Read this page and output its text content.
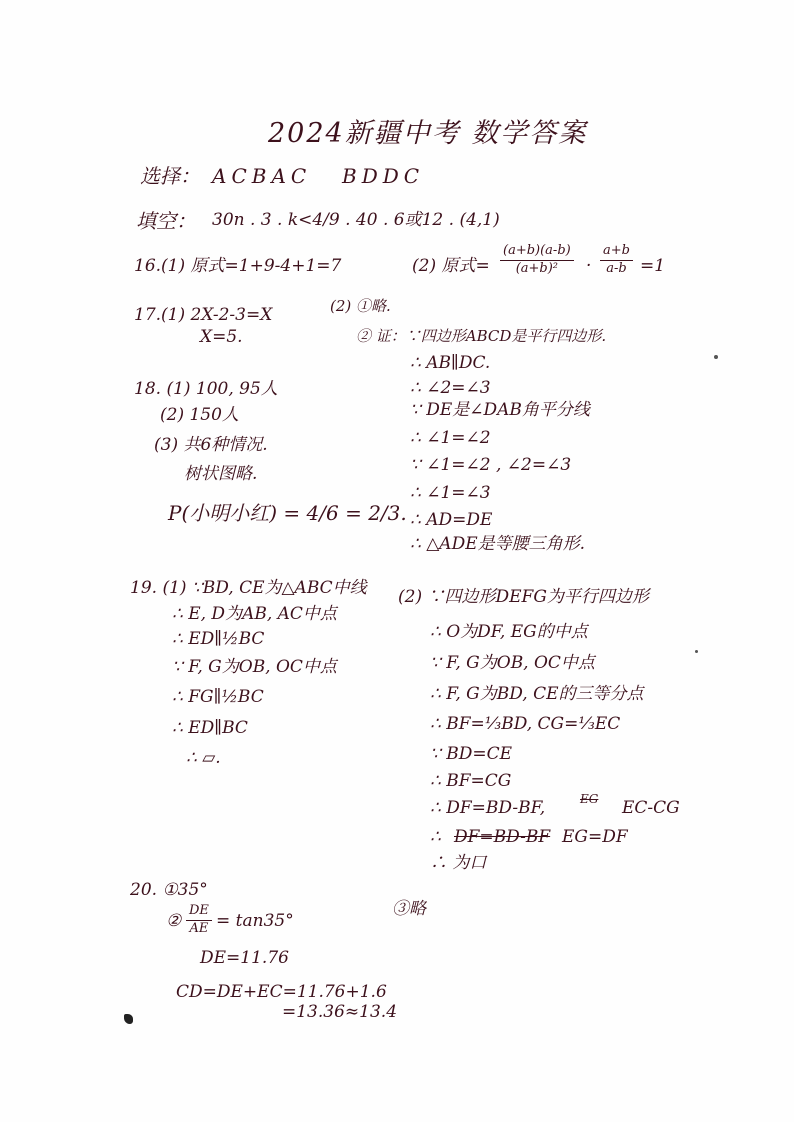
2024新疆中考 数学答案
选择： ACBAC BDDC
填空： 30n . 3 . k<4/9 . 40 . 6或12 . (4,1)
16.(1) 原式=1+9-4+1=7	(2) 原式= $\frac{(a+b)(a-b)}{\text{(a+b)²}} \cdot \frac{a+b}{a-b} =1$
17.(1) 2X-2-3=X
X=5.
(2) ①略.
② 证：∵四边形ABCD是平行四边形.
∴ AB∥DC.
∴ ∠2=∠3
∵ DE是∠DAB角平分线
∴ ∠1=∠2
∵ ∠1=∠2 , ∠2=∠3
∴ ∠1=∠3
∴ AD=DE
∴ △ADE是等腰三角形.
18. (1) 100, 95人
(2) 150人
(3) 共6种情况.
树状图略.
P(小明小红) = 4/6 = 2/3.
19. (1) ∵BD, CE为△ABC中线
∴ E, D为AB, AC中点
∴ ED∥½BC
∵ F, G为OB, OC中点
∴ FG∥½BC
∴ ED∥BC
∴ ▱.
(2) ∵四边形DEFG为平行四边形
∴ O为DF, EG的中点
∵ F, G为OB, OC中点
∴ F, G为BD, CE的三等分点
∴ BF=⅓BD, CG=⅓EC
∵ BD=CE
∴ BF=CG
∴ DF=BD-BF,	EG EC-CG
∴ DF=BD-BF EG=DF
∴ 为口
20. ①35°
② $\frac{DE}{AE} = \tan 35^\circ$
DE=11.76
CD=DE+EC=11.76+1.6
=13.36≈13.4
③略
